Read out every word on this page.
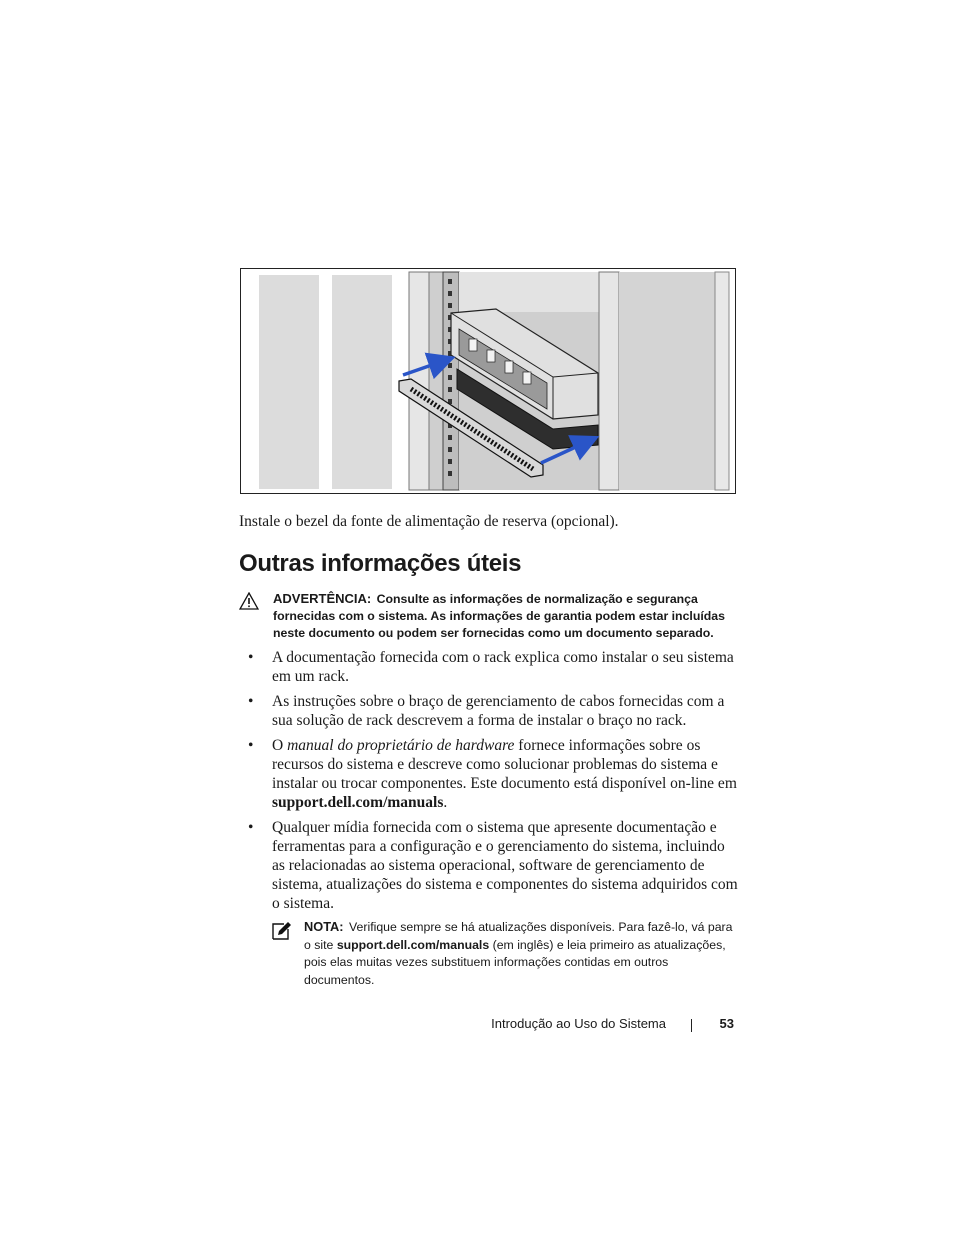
Instale o bezel da fonte de alimentação de reserva (opcional).
Outras informações úteis
ADVERTÊNCIA: Consulte as informações de normalização e segurança fornecidas com o sistema. As informações de garantia podem estar incluídas neste documento ou podem ser fornecidas como um documento separado.
• A documentação fornecida com o rack explica como instalar o seu sistema em um rack.
• As instruções sobre o braço de gerenciamento de cabos fornecidas com a sua solução de rack descrevem a forma de instalar o braço no rack.
• O manual do proprietário de hardware fornece informações sobre os recursos do sistema e descreve como solucionar problemas do sistema e instalar ou trocar componentes. Este documento está disponível on-line em support.dell.com/manuals.
• Qualquer mídia fornecida com o sistema que apresente documentação e ferramentas para a configuração e o gerenciamento do sistema, incluindo as relacionadas ao sistema operacional, software de gerenciamento de sistema, atualizações do sistema e componentes do sistema adquiridos com o sistema.
NOTA: Verifique sempre se há atualizações disponíveis. Para fazê-lo, vá para o site support.dell.com/manuals (em inglês) e leia primeiro as atualizações, pois elas muitas vezes substituem informações contidas em outros documentos.
Introdução ao Uso do Sistema	53
